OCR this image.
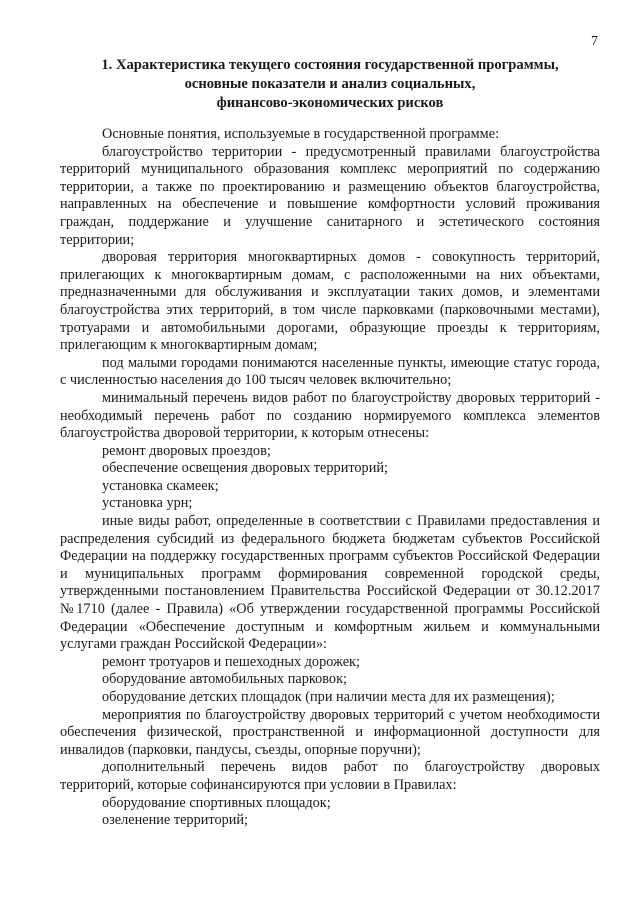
7
1. Характеристика текущего состояния государственной программы,
основные показатели и анализ социальных,
финансово-экономических рисков

Основные понятия, используемые в государственной программе:

благоустройство территории - предусмотренный правилами благоустройства территорий муниципального образования комплекс мероприятий по содержанию территории, а также по проектированию и размещению объектов благоустройства, направленных на обеспечение и повышение комфортности условий проживания граждан, поддержание и улучшение санитарного и эстетического состояния территории;

дворовая территория многоквартирных домов - совокупность территорий, прилегающих к многоквартирным домам, с расположенными на них объектами, предназначенными для обслуживания и эксплуатации таких домов, и элементами благоустройства этих территорий, в том числе парковками (парковочными местами), тротуарами и автомобильными дорогами, образующие проезды к территориям, прилегающим к многоквартирным домам;

под малыми городами понимаются населенные пункты, имеющие статус города, с численностью населения до 100 тысяч человек включительно;

минимальный перечень видов работ по благоустройству дворовых территорий - необходимый перечень работ по созданию нормируемого комплекса элементов благоустройства дворовой территории, к которым отнесены:

ремонт дворовых проездов;

обеспечение освещения дворовых территорий;

установка скамеек;

установка урн;

иные виды работ, определенные в соответствии с Правилами предоставления и распределения субсидий из федерального бюджета бюджетам субъектов Российской Федерации на поддержку государственных программ субъектов Российской Федерации и муниципальных программ формирования современной городской среды, утвержденными постановлением Правительства Российской Федерации от 30.12.2017 №1710 (далее - Правила) «Об утверждении государственной программы Российской Федерации «Обеспечение доступным и комфортным жильем и коммунальными услугами граждан Российской Федерации»:

ремонт тротуаров и пешеходных дорожек;

оборудование автомобильных парковок;

оборудование детских площадок (при наличии места для их размещения);

мероприятия по благоустройству дворовых территорий с учетом необходимости обеспечения физической, пространственной и информационной доступности для инвалидов (парковки, пандусы, съезды, опорные поручни);

дополнительный перечень видов работ по благоустройству дворовых территорий, которые софинансируются при условии в Правилах:

оборудование спортивных площадок;

озеленение территорий;
